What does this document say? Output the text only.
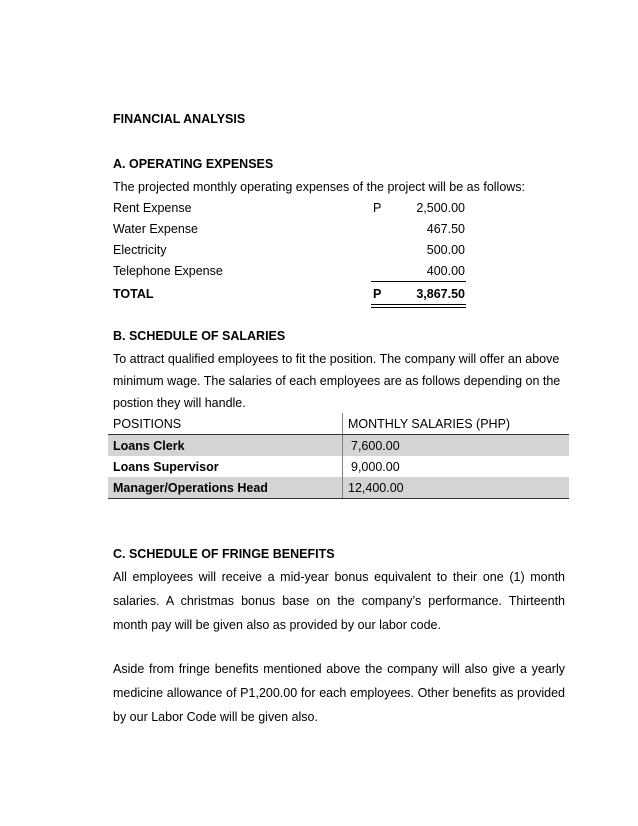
FINANCIAL ANALYSIS

A. OPERATING EXPENSES

The projected monthly operating expenses of the project will be as follows:

Rent Expense	P	2,500.00
Water Expense	467.50
Electricity	500.00
Telephone Expense	400.00
TOTAL	P	3,867.50

B. SCHEDULE OF SALARIES

To attract qualified employees to fit the position. The company will offer an above

minimum wage. The salaries of each employees are as follows depending on the

postion they will handle.

POSITIONS	MONTHLY SALARIES (PHP)
Loans Clerk	7,600.00
Loans Supervisor	9,000.00
Manager/Operations Head	12,400.00

C. SCHEDULE OF FRINGE BENEFITS

All employees will receive a mid-year bonus equivalent to their one (1) month salaries. A christmas bonus base on the company’s performance. Thirteenth month pay will be given also as provided by our labor code.

Aside from fringe benefits mentioned above the company will also give a yearly medicine allowance of P1,200.00 for each employees. Other benefits as provided by our Labor Code will be given also.
